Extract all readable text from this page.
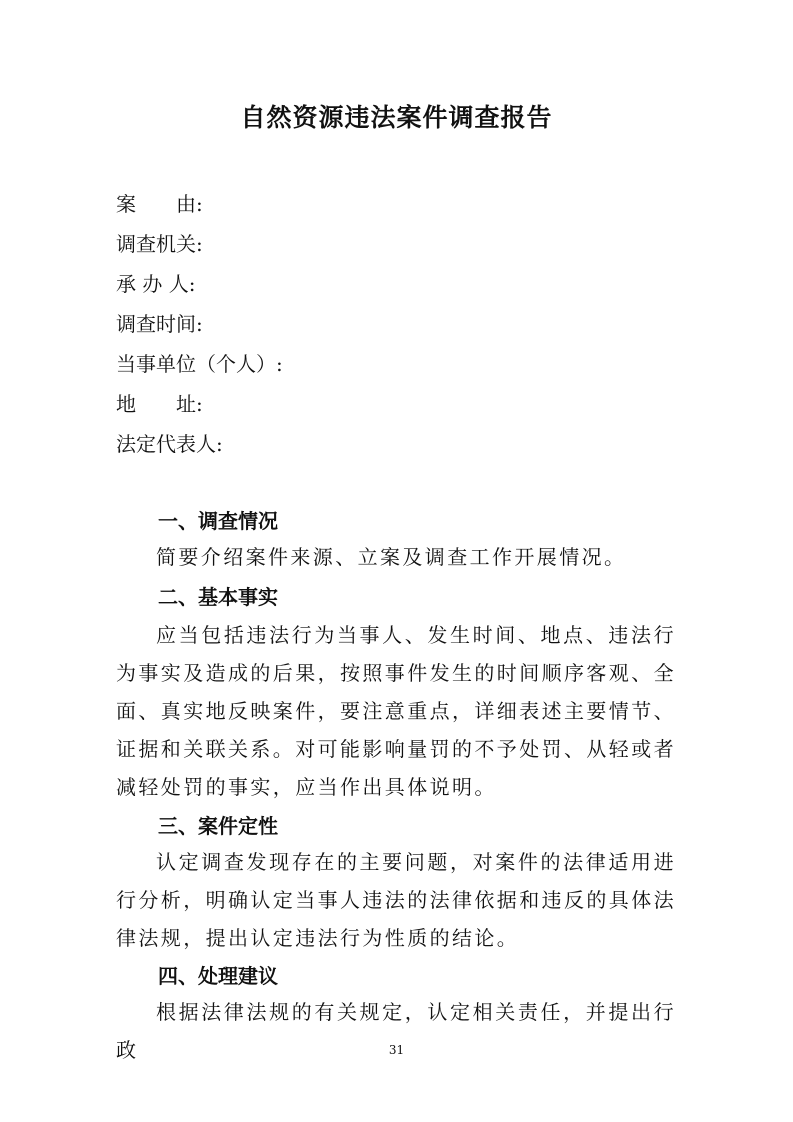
自然资源违法案件调查报告
案　　由:
调查机关:
承 办 人:
调查时间:
当事单位（个人）:
地　　址:
法定代表人:
一、调查情况

简要介绍案件来源、立案及调查工作开展情况。

二、基本事实

应当包括违法行为当事人、发生时间、地点、违法行为事实及造成的后果，按照事件发生的时间顺序客观、全面、真实地反映案件，要注意重点，详细表述主要情节、证据和关联关系。对可能影响量罚的不予处罚、从轻或者减轻处罚的事实，应当作出具体说明。

三、案件定性

认定调查发现存在的主要问题，对案件的法律适用进行分析，明确认定当事人违法的法律依据和违反的具体法律法规，提出认定违法行为性质的结论。

四、处理建议

根据法律法规的有关规定，认定相关责任，并提出行政	31
